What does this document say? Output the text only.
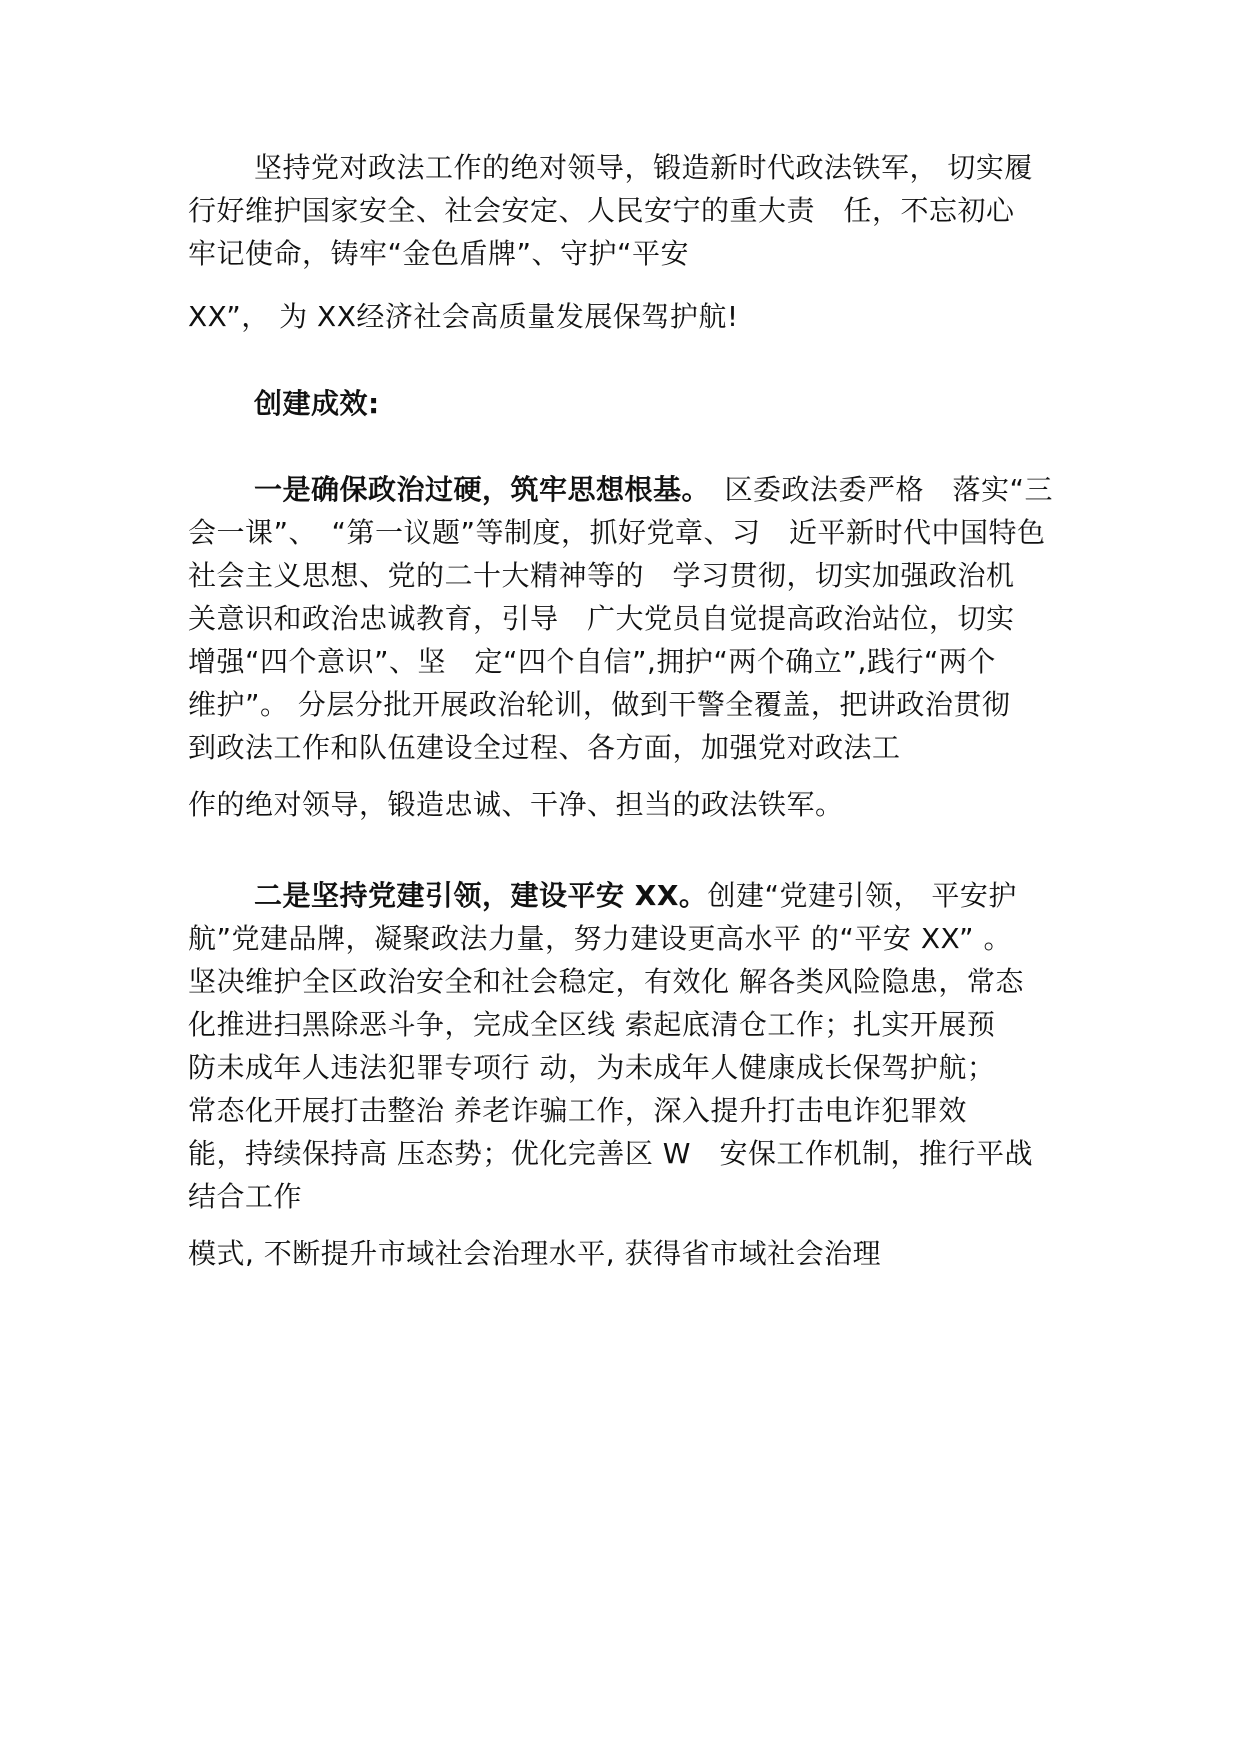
坚持党对政法工作的绝对领导，锻造新时代政法铁军， 切实履
行好维护国家安全、社会安定、人民安宁的重大责　任，不忘初心
牢记使命，铸牢“金色盾牌”、守护“平安
XX”， 为 XX经济社会高质量发展保驾护航!
创建成效:
一是确保政治过硬，筑牢思想根基。　区委政法委严格　落实“三
会一课”、　“第一议题”等制度，抓好党章、习　近平新时代中国特色
社会主义思想、党的二十大精神等的　学习贯彻，切实加强政治机
关意识和政治忠诚教育，引导　广大党员自觉提高政治站位，切实
增强“四个意识”、坚　定“四个自信”,拥护“两个确立”,践行“两个
维护”。 分层分批开展政治轮训，做到干警全覆盖，把讲政治贯彻
到政法工作和队伍建设全过程、各方面，加强党对政法工
作的绝对领导，锻造忠诚、干净、担当的政法铁军。
二是坚持党建引领，建设平安 XX。创建“党建引领， 平安护
航”党建品牌，凝聚政法力量，努力建设更高水平 的“平安 XX” 。
坚决维护全区政治安全和社会稳定，有效化 解各类风险隐患，常态
化推进扫黑除恶斗争，完成全区线 索起底清仓工作；扎实开展预
防未成年人违法犯罪专项行 动，为未成年人健康成长保驾护航；
常态化开展打击整治 养老诈骗工作，深入提升打击电诈犯罪效
能，持续保持高 压态势；优化完善区 W　安保工作机制，推行平战
结合工作
模式, 不断提升市域社会治理水平, 获得省市域社会治理
